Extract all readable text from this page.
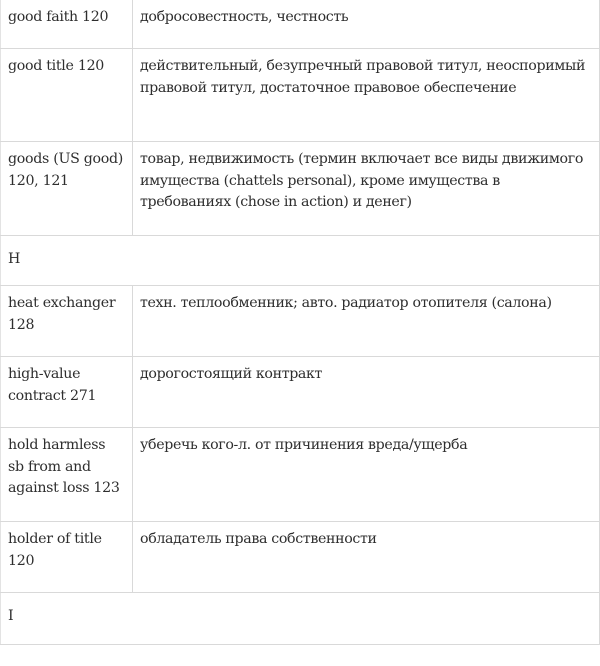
good faith 120	добросовестность, честность
good title 120	действительный, безупречный правовой титул, неоспоримый правовой титул, достаточное правовое обеспечение
goods (US good) 120, 121	товар, недвижимость (термин включает все виды движимого имущества (chattels personal), кроме имущества в требованиях (chose in action) и денег)
H	
heat exchanger 128	техн. теплообменник; авто. радиатор отопителя (салона)
high-value contract 271	дорогостоящий контракт
hold harmless sb from and against loss 123	уберечь кого-л. от причинения вреда/ущерба
holder of title 120	обладатель права собственности
I	
